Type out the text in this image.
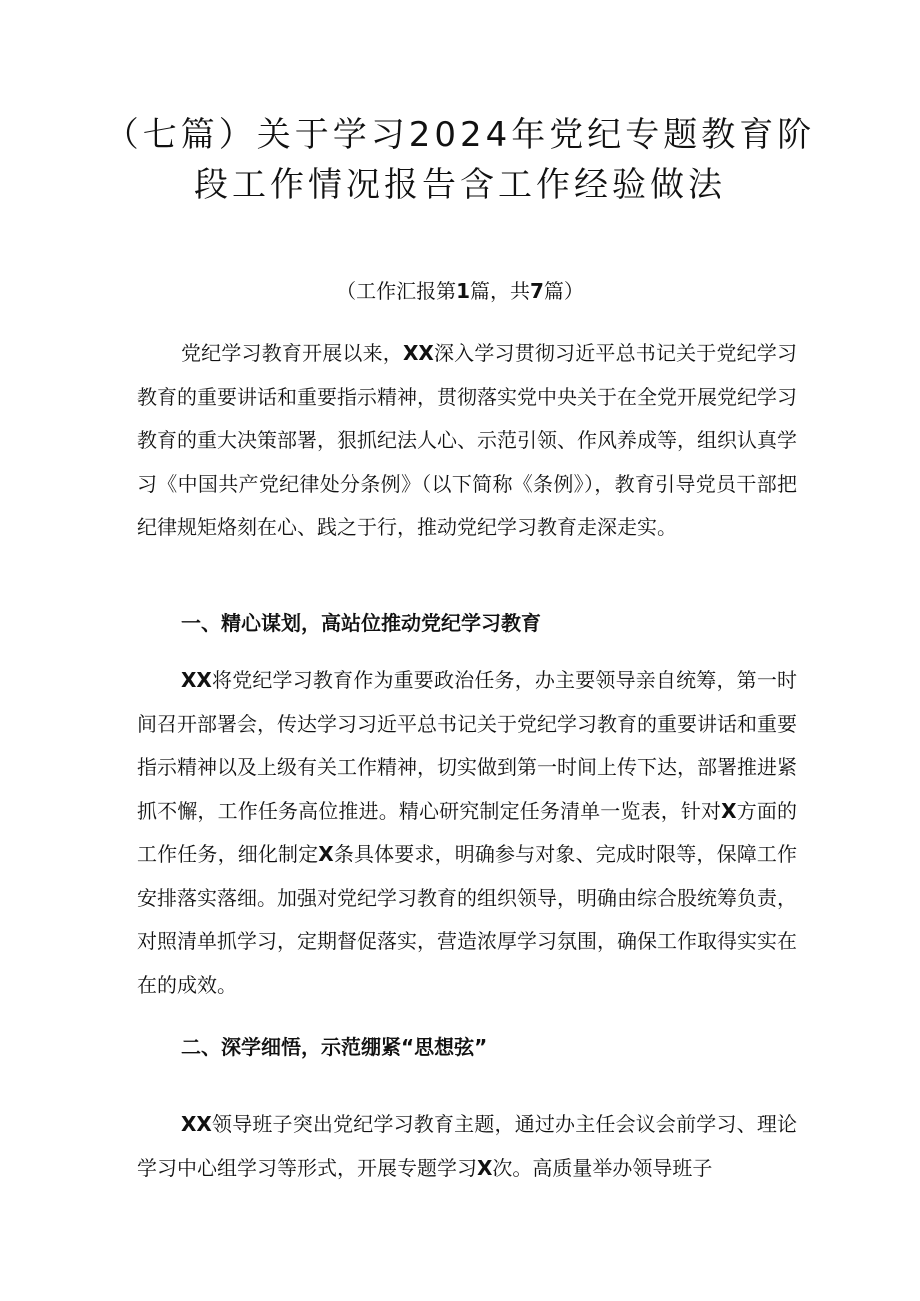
（七篇）关于学习2024年党纪专题教育阶
段工作情况报告含工作经验做法

（工作汇报第1篇，共7篇）

党纪学习教育开展以来，XX深入学习贯彻习近平总书记关于党纪学习教育的重要讲话和重要指示精神，贯彻落实党中央关于在全党开展党纪学习教育的重大决策部署，狠抓纪法人心、示范引领、作风养成等，组织认真学习《中国共产党纪律处分条例》（以下简称《条例》），教育引导党员干部把纪律规矩烙刻在心、践之于行，推动党纪学习教育走深走实。

一、精心谋划，高站位推动党纪学习教育

XX将党纪学习教育作为重要政治任务，办主要领导亲自统筹，第一时间召开部署会，传达学习习近平总书记关于党纪学习教育的重要讲话和重要指示精神以及上级有关工作精神，切实做到第一时间上传下达，部署推进紧抓不懈，工作任务高位推进。精心研究制定任务清单一览表，针对X方面的工作任务，细化制定X条具体要求，明确参与对象、完成时限等，保障工作安排落实落细。加强对党纪学习教育的组织领导，明确由综合股统筹负责，对照清单抓学习，定期督促落实，营造浓厚学习氛围，确保工作取得实实在在的成效。

二、深学细悟，示范绷紧“思想弦”

XX领导班子突出党纪学习教育主题，通过办主任会议会前学习、理论学习中心组学习等形式，开展专题学习X次。高质量举办领导班子
